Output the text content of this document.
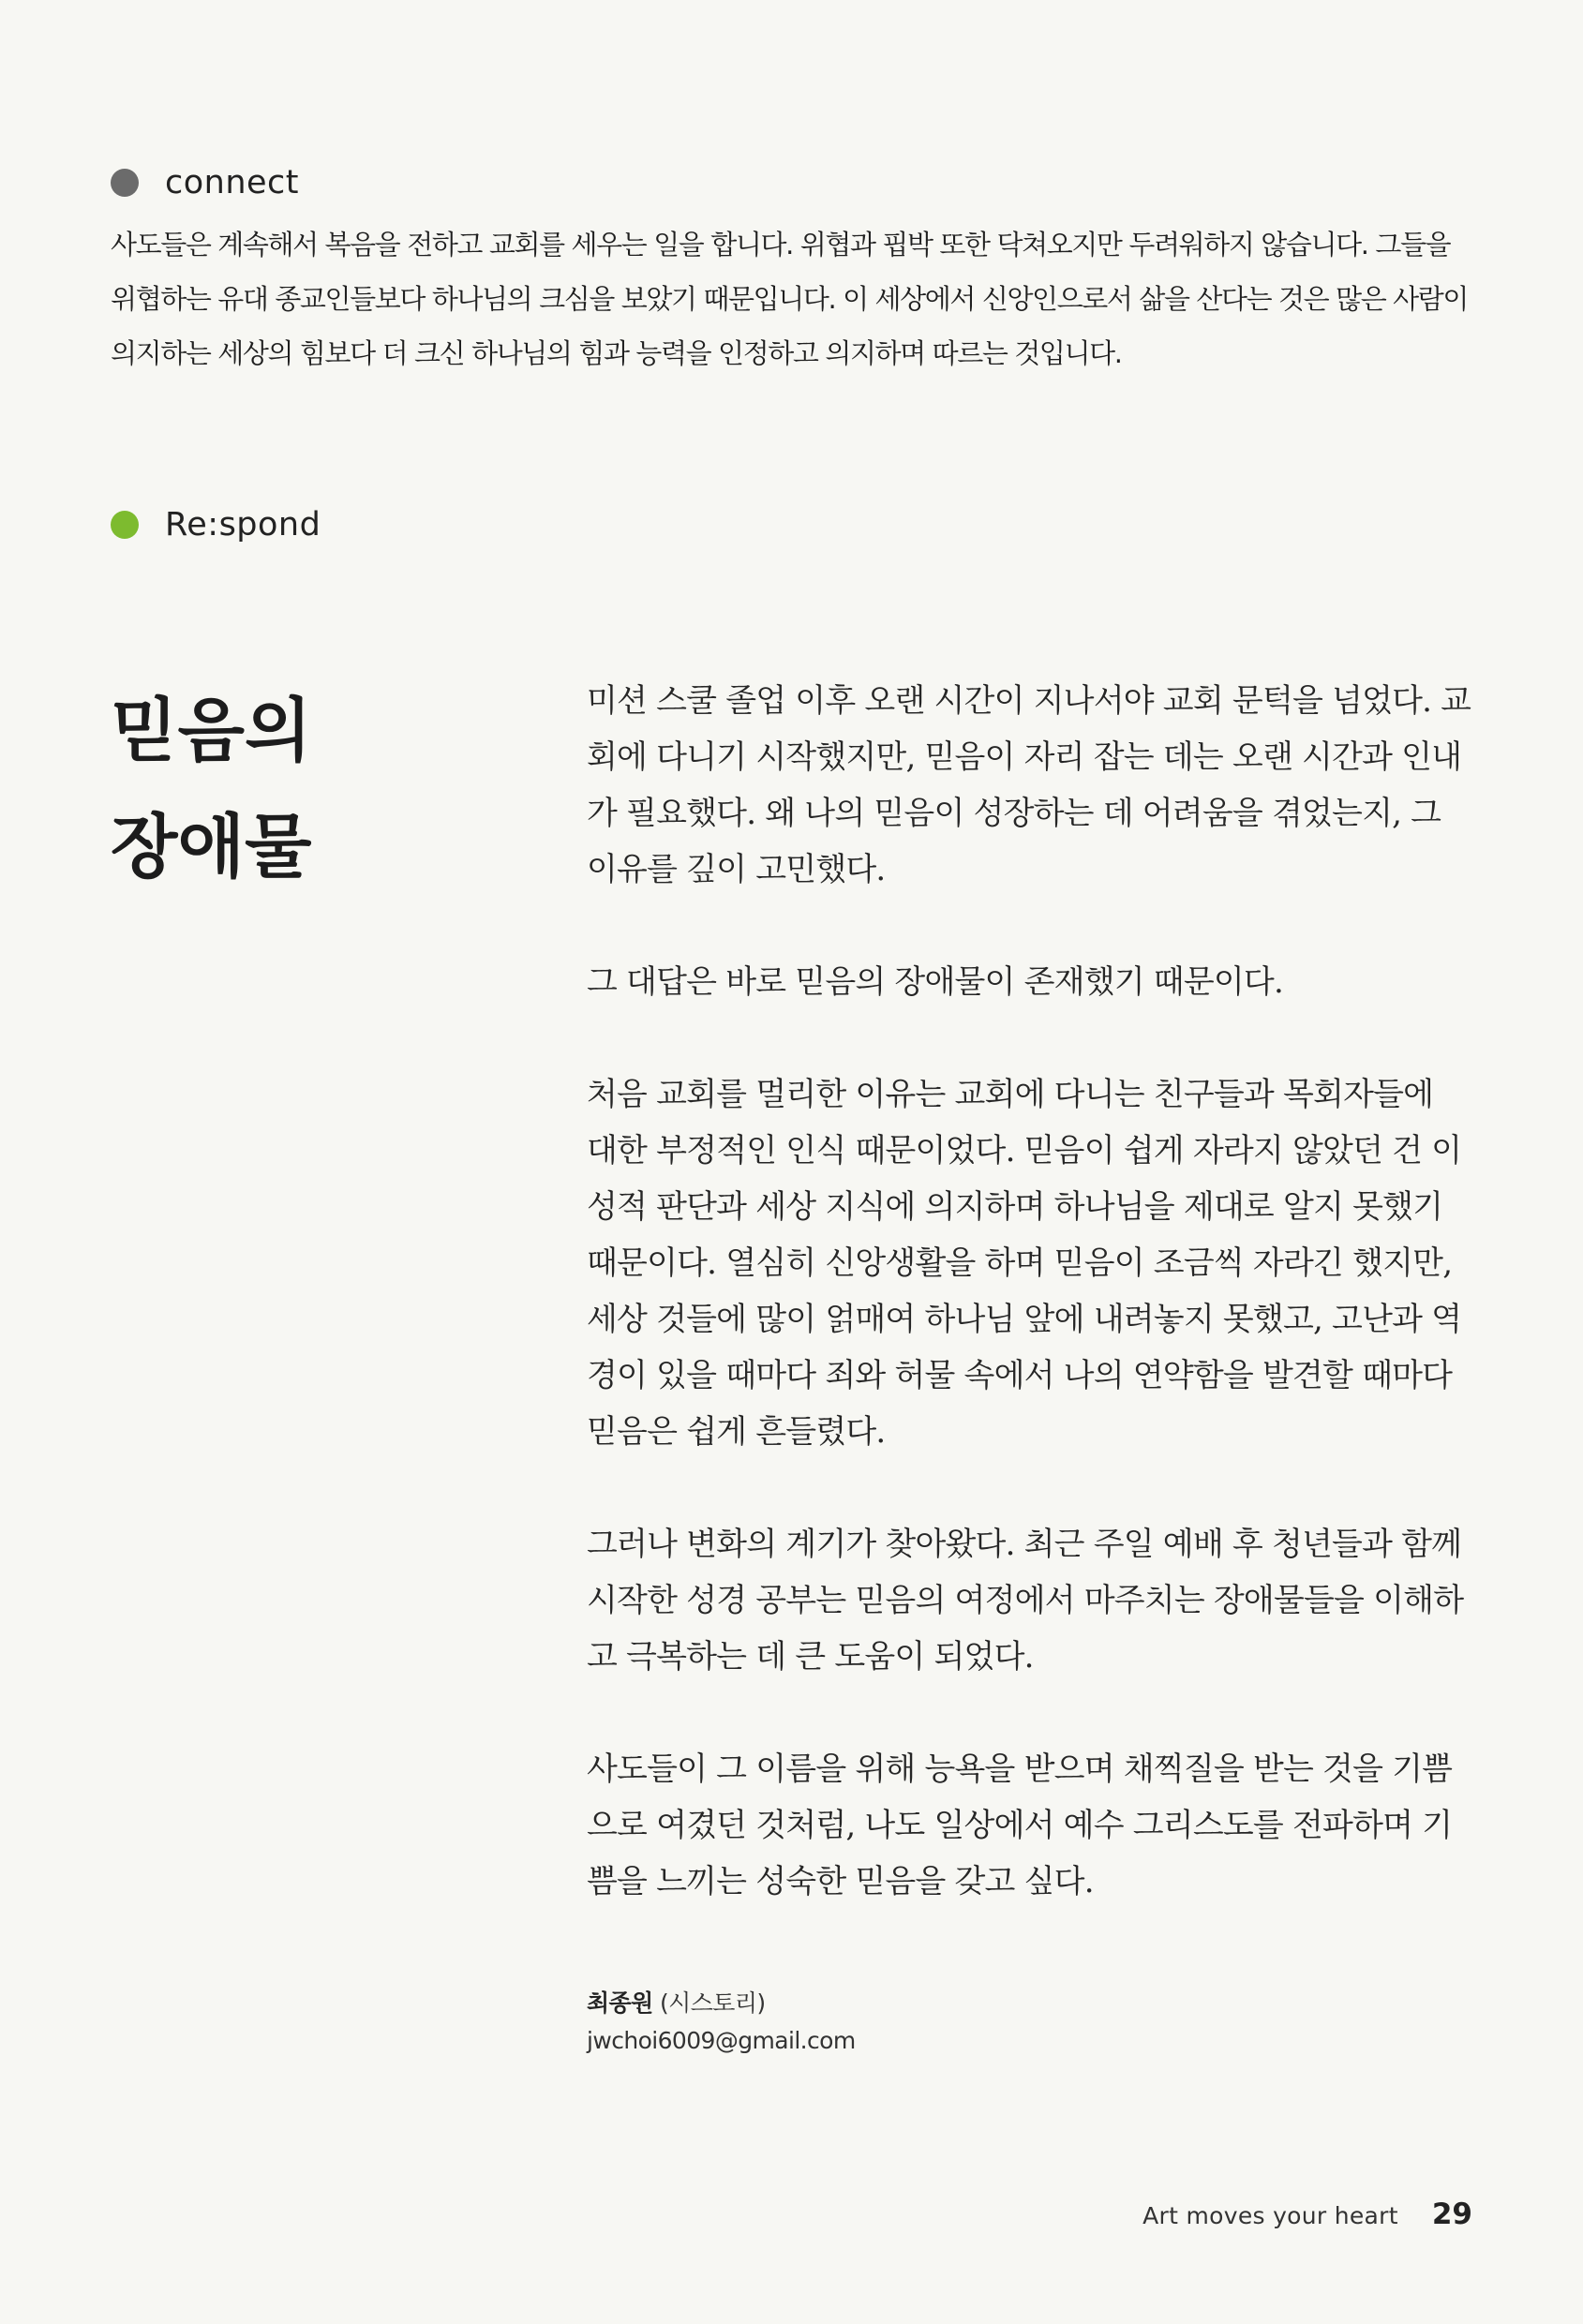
connect
사도들은 계속해서 복음을 전하고 교회를 세우는 일을 합니다. 위협과 핍박 또한 닥쳐오지만 두려워하지 않습니다. 그들을 위협하는 유대 종교인들보다 하나님의 크심을 보았기 때문입니다. 이 세상에서 신앙인으로서 삶을 산다는 것은 많은 사람이 의지하는 세상의 힘보다 더 크신 하나님의 힘과 능력을 인정하고 의지하며 따르는 것입니다.
Re:spond
믿음의
장애물

미션 스쿨 졸업 이후 오랜 시간이 지나서야 교회 문턱을 넘었다. 교회에 다니기 시작했지만, 믿음이 자리 잡는 데는 오랜 시간과 인내가 필요했다. 왜 나의 믿음이 성장하는 데 어려움을 겪었는지, 그 이유를 깊이 고민했다.

그 대답은 바로 믿음의 장애물이 존재했기 때문이다.

처음 교회를 멀리한 이유는 교회에 다니는 친구들과 목회자들에 대한 부정적인 인식 때문이었다. 믿음이 쉽게 자라지 않았던 건 이성적 판단과 세상 지식에 의지하며 하나님을 제대로 알지 못했기 때문이다. 열심히 신앙생활을 하며 믿음이 조금씩 자라긴 했지만, 세상 것들에 많이 얽매여 하나님 앞에 내려놓지 못했고, 고난과 역경이 있을 때마다 죄와 허물 속에서 나의 연약함을 발견할 때마다 믿음은 쉽게 흔들렸다.

그러나 변화의 계기가 찾아왔다. 최근 주일 예배 후 청년들과 함께 시작한 성경 공부는 믿음의 여정에서 마주치는 장애물들을 이해하고 극복하는 데 큰 도움이 되었다.

사도들이 그 이름을 위해 능욕을 받으며 채찍질을 받는 것을 기쁨으로 여겼던 것처럼, 나도 일상에서 예수 그리스도를 전파하며 기쁨을 느끼는 성숙한 믿음을 갖고 싶다.

최종원 (시스토리)
jwchoi6009@gmail.com
Art moves your heart 29
